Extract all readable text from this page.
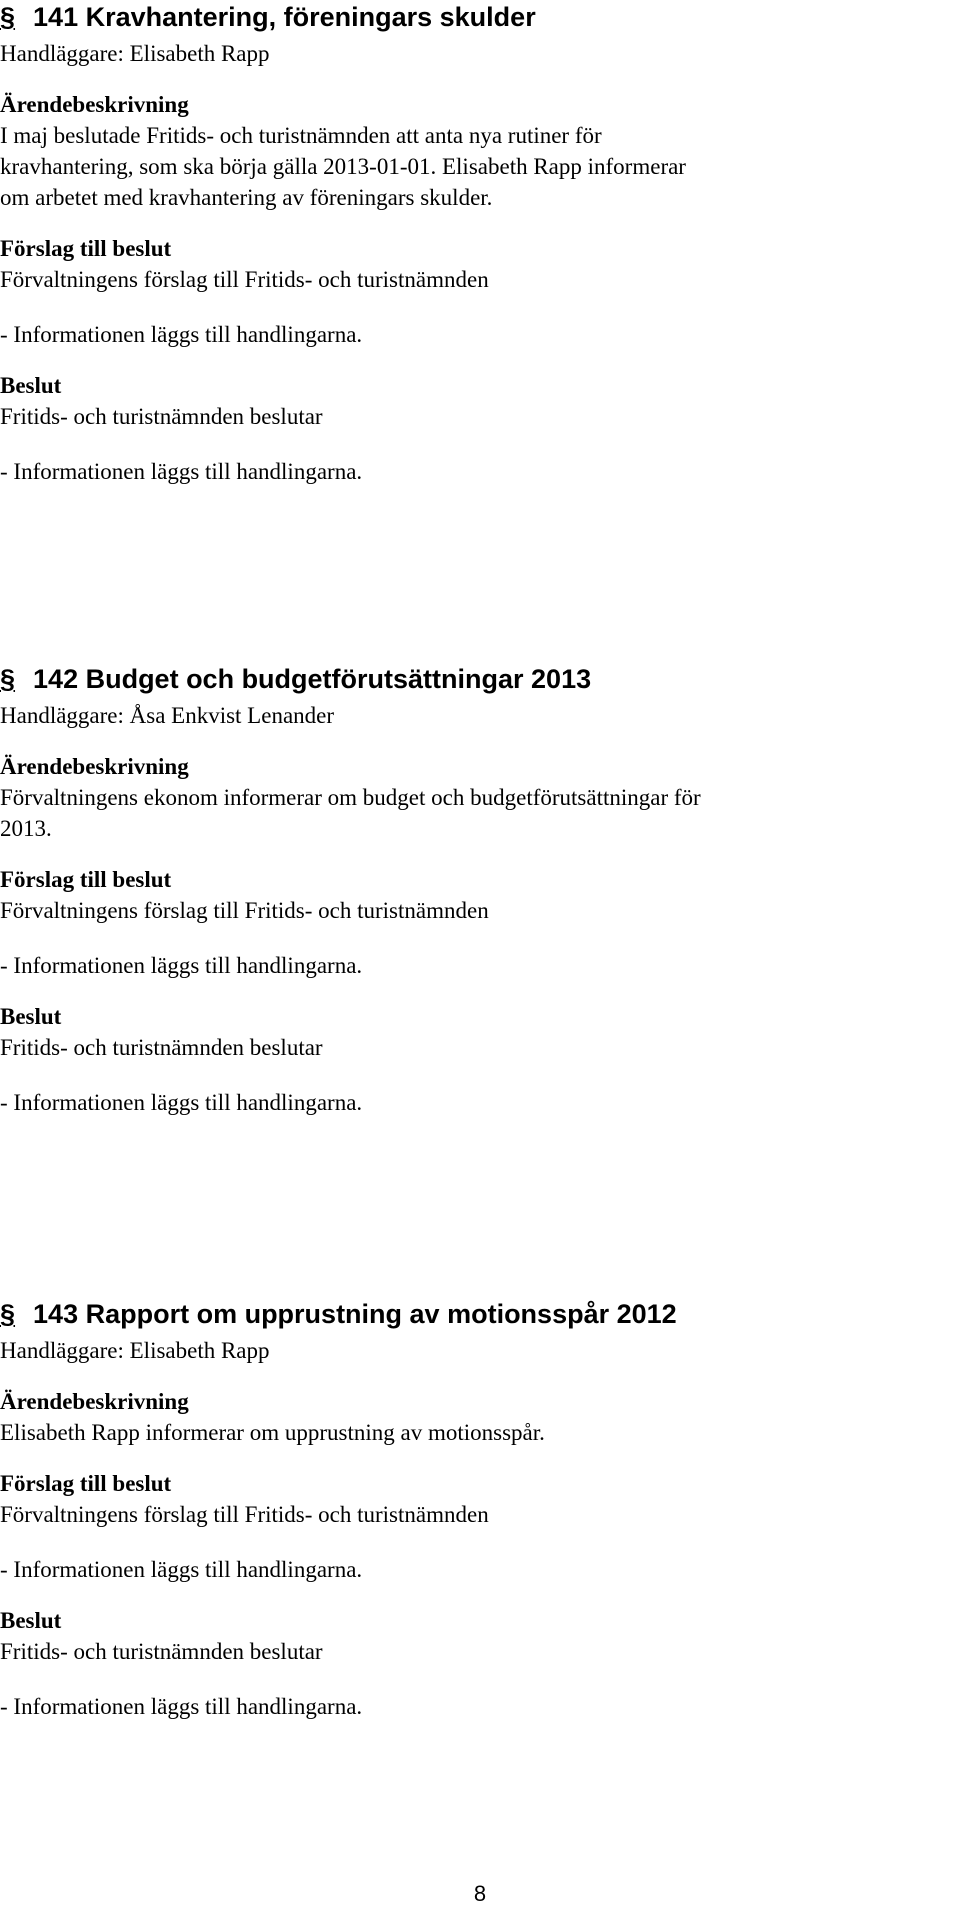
§ 141 Kravhantering, föreningars skulder
Handläggare: Elisabeth Rapp
Ärendebeskrivning
I maj beslutade Fritids- och turistnämnden att anta nya rutiner för
kravhantering, som ska börja gälla 2013-01-01. Elisabeth Rapp informerar
om arbetet med kravhantering av föreningars skulder.
Förslag till beslut
Förvaltningens förslag till Fritids- och turistnämnden
- Informationen läggs till handlingarna.
Beslut
Fritids- och turistnämnden beslutar
- Informationen läggs till handlingarna.
§ 142 Budget och budgetförutsättningar 2013
Handläggare: Åsa Enkvist Lenander
Ärendebeskrivning
Förvaltningens ekonom informerar om budget och budgetförutsättningar för
2013.
Förslag till beslut
Förvaltningens förslag till Fritids- och turistnämnden
- Informationen läggs till handlingarna.
Beslut
Fritids- och turistnämnden beslutar
- Informationen läggs till handlingarna.
§ 143 Rapport om upprustning av motionsspår 2012
Handläggare: Elisabeth Rapp
Ärendebeskrivning
Elisabeth Rapp informerar om upprustning av motionsspår.
Förslag till beslut
Förvaltningens förslag till Fritids- och turistnämnden
- Informationen läggs till handlingarna.
Beslut
Fritids- och turistnämnden beslutar
- Informationen läggs till handlingarna.
8
